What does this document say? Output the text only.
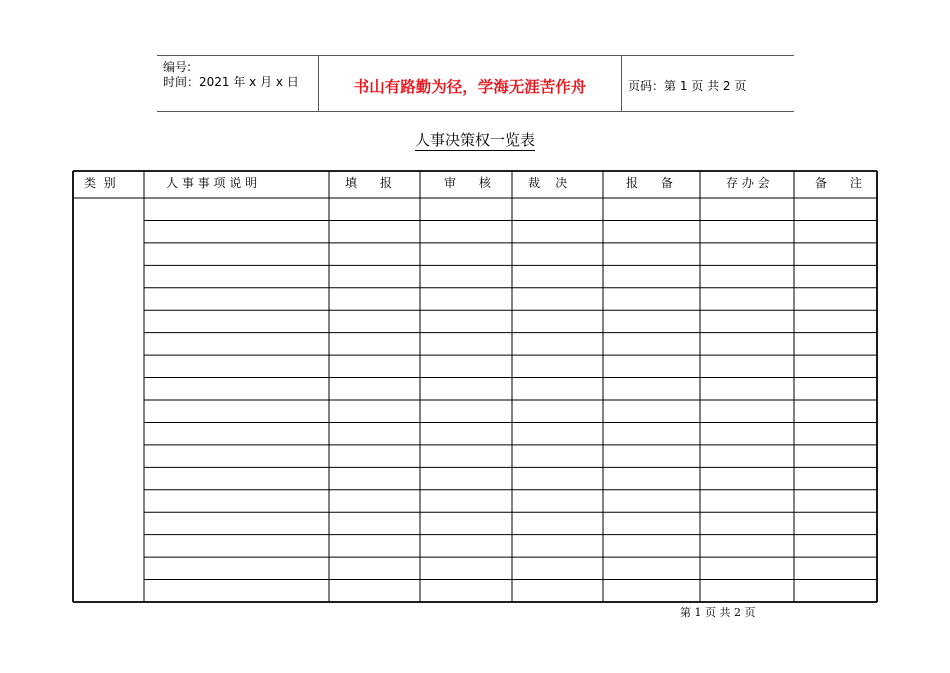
编号:
时间：2021 年 x 月 x 日	书山有路勤为径，学海无涯苦作舟	页码：第 1 页 共 2 页
人事决策权一览表
类  别	人 事 事 项 说 明	填      报	审      核	裁    决	报      备	存 办 会	备      注
第 1 页 共 2 页
